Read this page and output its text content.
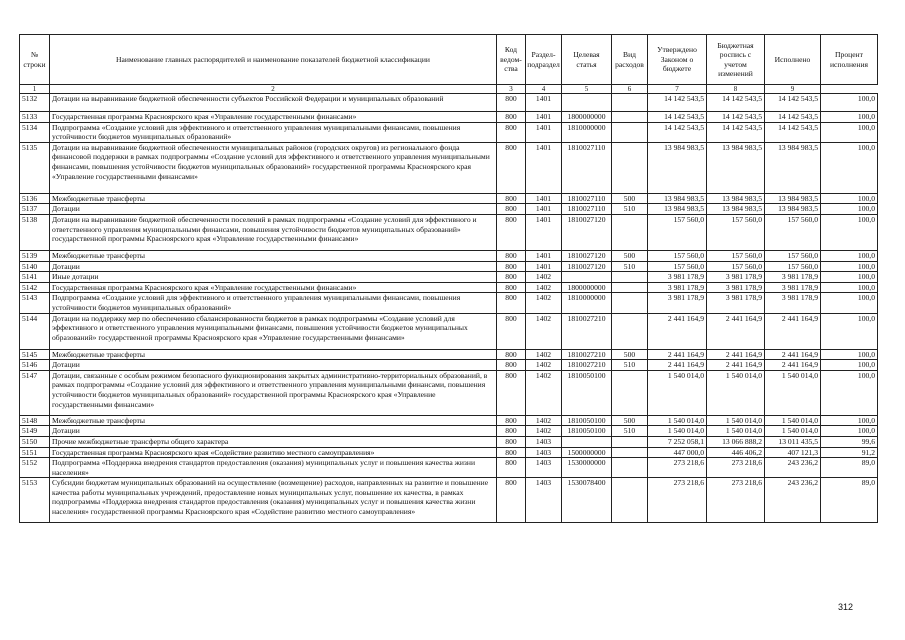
№ строки	Наименование главных распорядителей и наименование показателей бюджетной классификации	Код ведом-ства	Раздел-подраздел	Целевая статья	Вид расходов	Утверждено Законом о бюджете	Бюджетная роспись с учетом изменений	Исполнено	Процент исполнения
1	2	3	4	5	6	7	8	9	
5132	Дотации на выравнивание бюджетной обеспеченности субъектов Российской Федерации и муниципальных образований	800	1401			14 142 543,5	14 142 543,5	14 142 543,5	100,0
5133	Государственная программа Красноярского края «Управление государственными финансами»	800	1401	1800000000		14 142 543,5	14 142 543,5	14 142 543,5	100,0
5134	Подпрограмма «Создание условий для эффективного и ответственного управления муниципальными финансами, повышения устойчивости бюджетов муниципальных образований»	800	1401	1810000000		14 142 543,5	14 142 543,5	14 142 543,5	100,0
5135	Дотации на выравнивание бюджетной обеспеченности муниципальных районов (городских округов) из регионального фонда финансовой поддержки в рамках подпрограммы «Создание условий для эффективного и ответственного управления муниципальными финансами, повышения устойчивости бюджетов муниципальных образований» государственной программы Красноярского края «Управление государственными финансами»	800	1401	1810027110		13 984 983,5	13 984 983,5	13 984 983,5	100,0
5136	Межбюджетные трансферты	800	1401	1810027110	500	13 984 983,5	13 984 983,5	13 984 983,5	100,0
5137	Дотации	800	1401	1810027110	510	13 984 983,5	13 984 983,5	13 984 983,5	100,0
5138	Дотации на выравнивание бюджетной обеспеченности поселений в рамках подпрограммы «Создание условий для эффективного и ответственного управления муниципальными финансами, повышения устойчивости бюджетов муниципальных образований» государственной программы Красноярского края «Управление государственными финансами»	800	1401	1810027120		157 560,0	157 560,0	157 560,0	100,0
5139	Межбюджетные трансферты	800	1401	1810027120	500	157 560,0	157 560,0	157 560,0	100,0
5140	Дотации	800	1401	1810027120	510	157 560,0	157 560,0	157 560,0	100,0
5141	Иные дотации	800	1402			3 981 178,9	3 981 178,9	3 981 178,9	100,0
5142	Государственная программа Красноярского края «Управление государственными финансами»	800	1402	1800000000		3 981 178,9	3 981 178,9	3 981 178,9	100,0
5143	Подпрограмма «Создание условий для эффективного и ответственного управления муниципальными финансами, повышения устойчивости бюджетов муниципальных образований»	800	1402	1810000000		3 981 178,9	3 981 178,9	3 981 178,9	100,0
5144	Дотации на поддержку мер по обеспечению сбалансированности бюджетов в рамках подпрограммы «Создание условий для эффективного и ответственного управления муниципальными финансами, повышения устойчивости бюджетов муниципальных образований» государственной программы Красноярского края «Управление государственными финансами»	800	1402	1810027210		2 441 164,9	2 441 164,9	2 441 164,9	100,0
5145	Межбюджетные трансферты	800	1402	1810027210	500	2 441 164,9	2 441 164,9	2 441 164,9	100,0
5146	Дотации	800	1402	1810027210	510	2 441 164,9	2 441 164,9	2 441 164,9	100,0
5147	Дотации, связанные с особым режимом безопасного функционирования закрытых административно-территориальных образований, в рамках подпрограммы «Создание условий для эффективного и ответственного управления муниципальными финансами, повышения устойчивости бюджетов муниципальных образований» государственной программы Красноярского края «Управление государственными финансами»	800	1402	1810050100		1 540 014,0	1 540 014,0	1 540 014,0	100,0
5148	Межбюджетные трансферты	800	1402	1810050100	500	1 540 014,0	1 540 014,0	1 540 014,0	100,0
5149	Дотации	800	1402	1810050100	510	1 540 014,0	1 540 014,0	1 540 014,0	100,0
5150	Прочие межбюджетные трансферты общего характера	800	1403			7 252 058,1	13 066 888,2	13 011 435,5	99,6
5151	Государственная программа Красноярского края «Содействие развитию местного самоуправления»	800	1403	1500000000		447 000,0	446 406,2	407 121,3	91,2
5152	Подпрограмма «Поддержка внедрения стандартов предоставления (оказания) муниципальных услуг и повышения качества жизни населения»	800	1403	1530000000		273 218,6	273 218,6	243 236,2	89,0
5153	Субсидии бюджетам муниципальных образований на осуществление (возмещение) расходов, направленных на развитие и повышение качества работы муниципальных учреждений, предоставление новых муниципальных услуг, повышение их качества, в рамках подпрограммы «Поддержка внедрения стандартов предоставления (оказания) муниципальных услуг и повышения качества жизни населения» государственной программы Красноярского края «Содействие развитию местного самоуправления»	800	1403	1530078400		273 218,6	273 218,6	243 236,2	89,0
312
